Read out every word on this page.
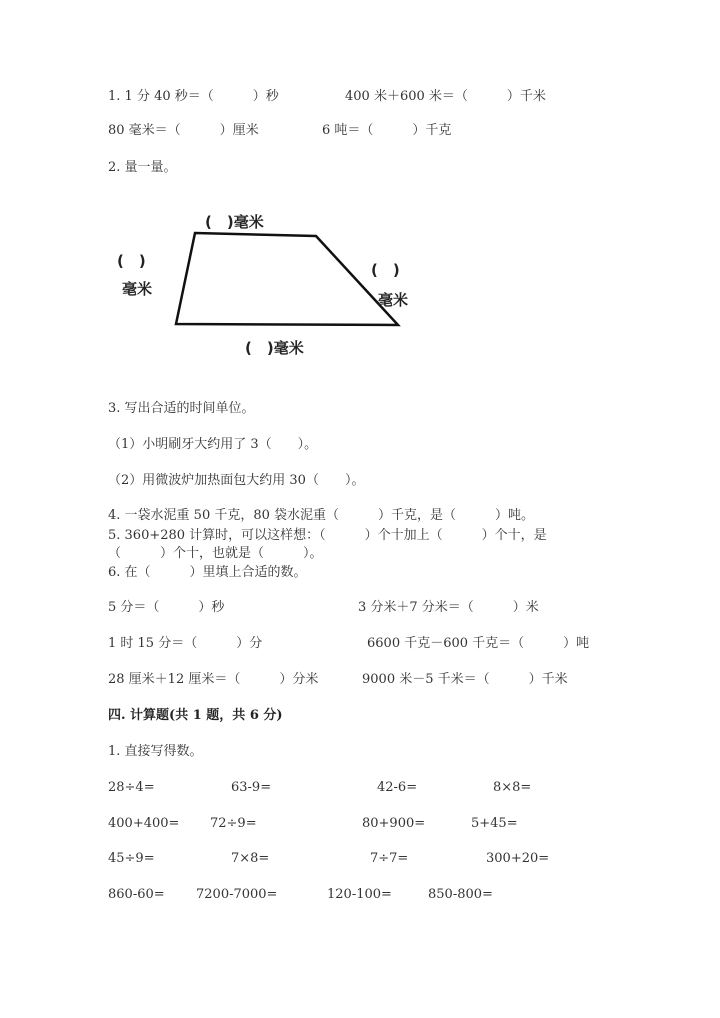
1. 1 分 40 秒＝（　　　）秒	400 米＋600 米＝（　　　）千米
80 毫米＝（　　　）厘米	6 吨＝（　　　）千克
2. 量一量。
(　)毫米
(　)
毫米
(　)
毫米
(　)毫米
3. 写出合适的时间单位。
（1）小明刷牙大约用了 3（　　）。
（2）用微波炉加热面包大约用 30（　　）。
4. 一袋水泥重 50 千克，80 袋水泥重（　　　）千克，是（　　　）吨。
5. 360+280 计算时，可以这样想：（　　　）个十加上（　　　）个十，是
（　　　）个十，也就是（　　　）。
6. 在（　　　）里填上合适的数。
5 分＝（　　　）秒	3 分米＋7 分米＝（　　　）米
1 时 15 分＝（　　　）分	6600 千克－600 千克＝（　　　）吨
28 厘米＋12 厘米＝（　　　）分米	9000 米－5 千米＝（　　　）千米
四. 计算题(共 1 题，共 6 分)
1. 直接写得数。
28÷4=	63-9=	42-6=	8×8=
400+400= 72÷9=	80+900=	5+45=
45÷9=	7×8=	7÷7=	300+20=
860-60= 7200-7000=	120-100=	850-800=
